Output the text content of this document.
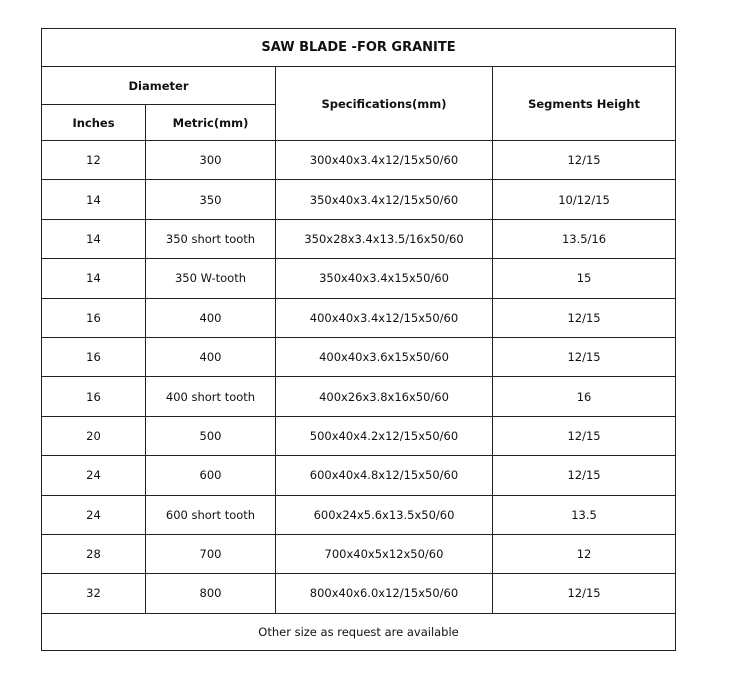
SAW BLADE -FOR GRANITE			
Diameter		Specifications(mm)	Segments Height
Inches	Metric(mm)		
12	300	300x40x3.4x12/15x50/60	12/15
14	350	350x40x3.4x12/15x50/60	10/12/15
14	350 short tooth	350x28x3.4x13.5/16x50/60	13.5/16
14	350 W-tooth	350x40x3.4x15x50/60	15
16	400	400x40x3.4x12/15x50/60	12/15
16	400	400x40x3.6x15x50/60	12/15
16	400 short tooth	400x26x3.8x16x50/60	16
20	500	500x40x4.2x12/15x50/60	12/15
24	600	600x40x4.8x12/15x50/60	12/15
24	600 short tooth	600x24x5.6x13.5x50/60	13.5
28	700	700x40x5x12x50/60	12
32	800	800x40x6.0x12/15x50/60	12/15
Other size as request are available			
